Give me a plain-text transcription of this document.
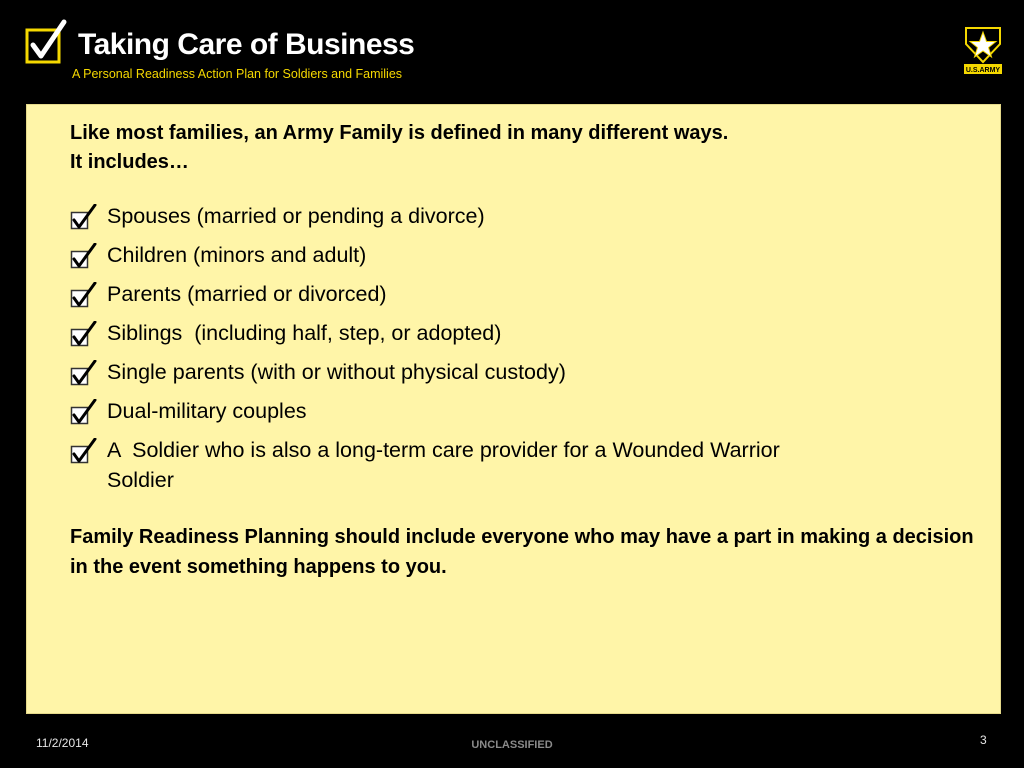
Taking Care of Business
A Personal Readiness Action Plan for Soldiers and Families	U.S.ARMY
Like most families, an Army Family is defined in many different ways.
It includes…
Spouses (married or pending a divorce)
Children (minors and adult)
Parents (married or divorced)
Siblings  (including half, step, or adopted)
Single parents (with or without physical custody)
Dual-military couples
A  Soldier who is also a long-term care provider for a Wounded Warrior Soldier
Family Readiness Planning should include everyone who may have a part in making a decision in the event something happens to you.
11/2/2014	UNCLASSIFIED	3
